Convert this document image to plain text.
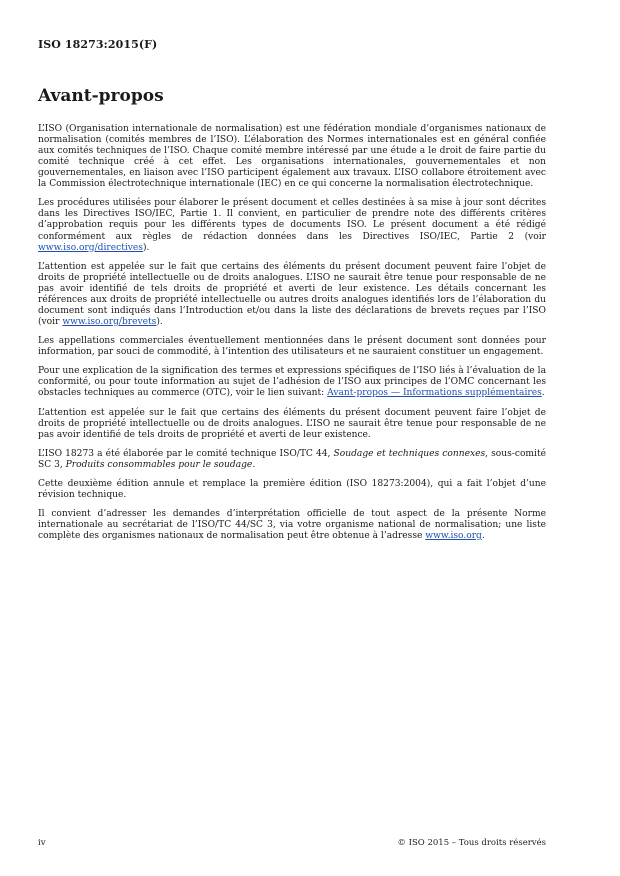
ISO 18273:2015(F)
Avant-propos

L’ISO (Organisation internationale de normalisation) est une fédération mondiale d’organismes nationaux de normalisation (comités membres de l’ISO). L’élaboration des Normes internationales est en général confiée aux comités techniques de l’ISO. Chaque comité membre intéressé par une étude a le droit de faire partie du comité technique créé à cet effet. Les organisations internationales, gouvernementales et non gouvernementales, en liaison avec l’ISO participent également aux travaux. L’ISO collabore étroitement avec la Commission électrotechnique internationale (IEC) en ce qui concerne la normalisation électrotechnique.

Les procédures utilisées pour élaborer le présent document et celles destinées à sa mise à jour sont décrites dans les Directives ISO/IEC, Partie 1. Il convient, en particulier de prendre note des différents critères d’approbation requis pour les différents types de documents ISO. Le présent document a été rédigé conformément aux règles de rédaction données dans les Directives ISO/IEC, Partie 2 (voir www.iso.org/directives).

L’attention est appelée sur le fait que certains des éléments du présent document peuvent faire l’objet de droits de propriété intellectuelle ou de droits analogues. L’ISO ne saurait être tenue pour responsable de ne pas avoir identifié de tels droits de propriété et averti de leur existence. Les détails concernant les références aux droits de propriété intellectuelle ou autres droits analogues identifiés lors de l’élaboration du document sont indiqués dans l’Introduction et/ou dans la liste des déclarations de brevets reçues par l’ISO (voir www.iso.org/brevets).

Les appellations commerciales éventuellement mentionnées dans le présent document sont données pour information, par souci de commodité, à l’intention des utilisateurs et ne sauraient constituer un engagement.

Pour une explication de la signification des termes et expressions spécifiques de l’ISO liés à l’évaluation de la conformité, ou pour toute information au sujet de l’adhésion de l’ISO aux principes de l’OMC concernant les obstacles techniques au commerce (OTC), voir le lien suivant: Avant-propos — Informations supplémentaires.

L’attention est appelée sur le fait que certains des éléments du présent document peuvent faire l’objet de droits de propriété intellectuelle ou de droits analogues. L’ISO ne saurait être tenue pour responsable de ne pas avoir identifié de tels droits de propriété et averti de leur existence.

L’ISO 18273 a été élaborée par le comité technique ISO/TC 44, Soudage et techniques connexes, sous-comité SC 3, Produits consommables pour le soudage.

Cette deuxième édition annule et remplace la première édition (ISO 18273:2004), qui a fait l’objet d’une révision technique.

Il convient d’adresser les demandes d’interprétation officielle de tout aspect de la présente Norme internationale au secrétariat de l’ISO/TC 44/SC 3, via votre organisme national de normalisation; une liste complète des organismes nationaux de normalisation peut être obtenue à l’adresse www.iso.org.

iv	© ISO 2015 – Tous droits réservés
